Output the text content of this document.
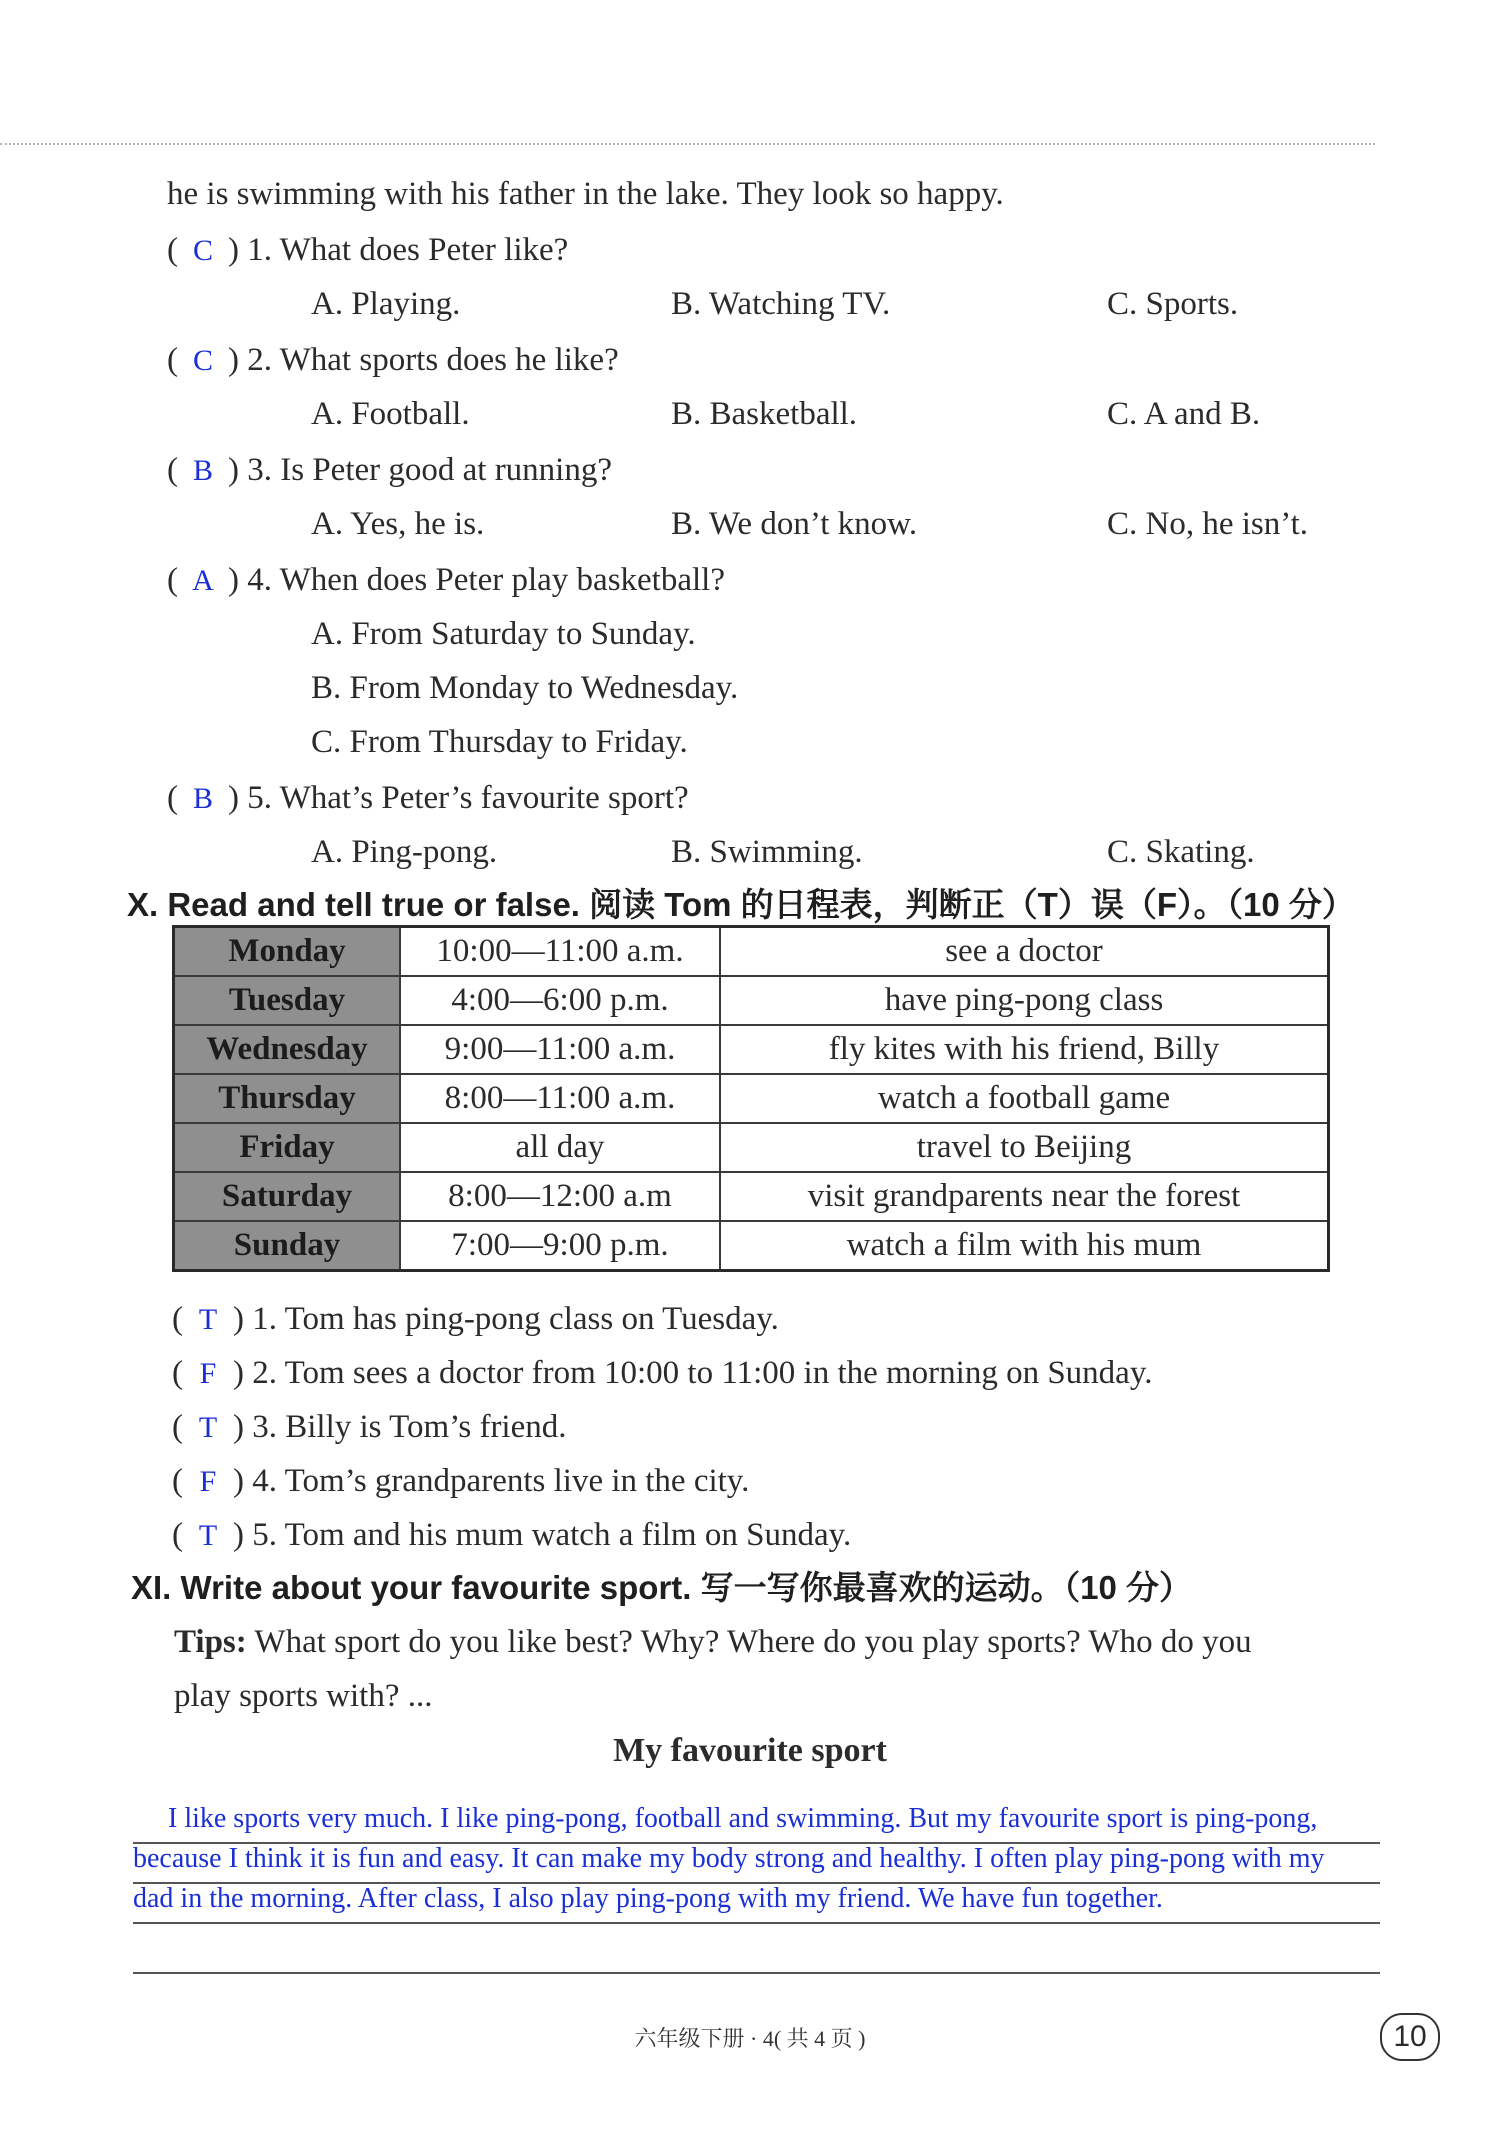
he is swimming with his father in the lake. They look so happy.
( C ) 1. What does Peter like?
A. Playing.	B. Watching TV.	C. Sports.
( C ) 2. What sports does he like?
A. Football.	B. Basketball.	C. A and B.
( B ) 3. Is Peter good at running?
A. Yes, he is.	B. We don’t know.	C. No, he isn’t.
( A ) 4. When does Peter play basketball?
A. From Saturday to Sunday.
B. From Monday to Wednesday.
C. From Thursday to Friday.
( B ) 5. What’s Peter’s favourite sport?
A. Ping-pong.	B. Swimming.	C. Skating.
X. Read and tell true or false. 阅读 Tom 的日程表，判断正（T）误（F）。（10 分）
Monday	10:00—11:00 a.m.	see a doctor
Tuesday	4:00—6:00 p.m.	have ping-pong class
Wednesday	9:00—11:00 a.m.	fly kites with his friend, Billy
Thursday	8:00—11:00 a.m.	watch a football game
Friday	all day	travel to Beijing
Saturday	8:00—12:00 a.m	visit grandparents near the forest
Sunday	7:00—9:00 p.m.	watch a film with his mum
( T ) 1. Tom has ping-pong class on Tuesday.
( F ) 2. Tom sees a doctor from 10:00 to 11:00 in the morning on Sunday.
( T ) 3. Billy is Tom’s friend.
( F ) 4. Tom’s grandparents live in the city.
( T ) 5. Tom and his mum watch a film on Sunday.
XI. Write about your favourite sport. 写一写你最喜欢的运动。（10 分）
Tips: What sport do you like best? Why? Where do you play sports? Who do you
play sports with? ...
My favourite sport
I like sports very much. I like ping-pong, football and swimming. But my favourite sport is ping-pong,
because I think it is fun and easy. It can make my body strong and healthy. I often play ping-pong with my
dad in the morning. After class, I also play ping-pong with my friend. We have fun together.
六年级下册 · 4( 共 4 页 )	10
